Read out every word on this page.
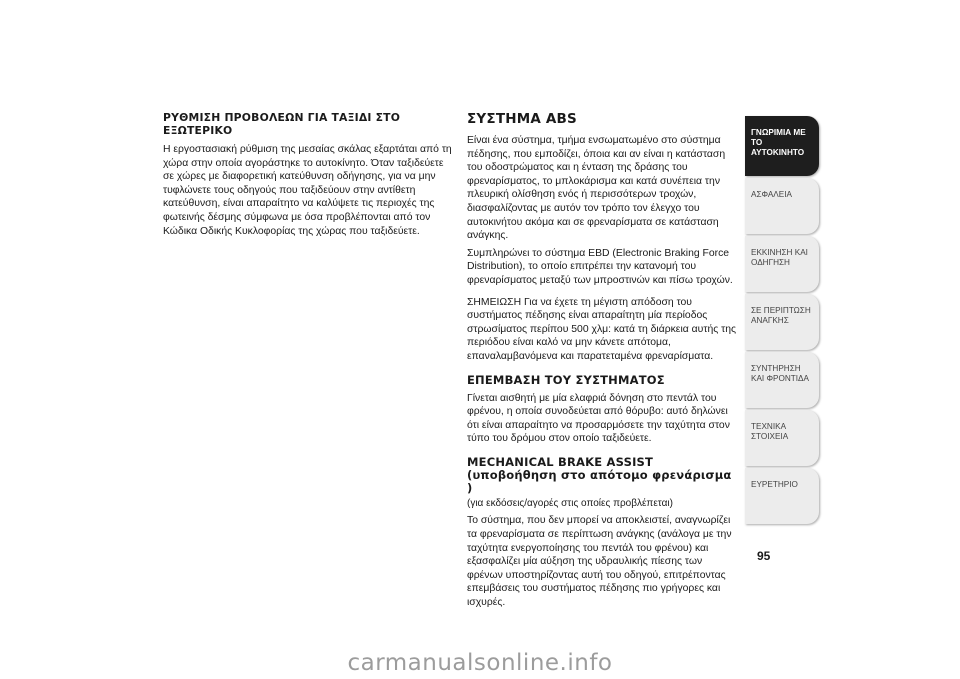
ΡΥΘΜΙΣΗ ΠΡΟΒΟΛΕΩΝ ΓΙΑ ΤΑΞΙΔΙ ΣΤΟ ΕΞΩΤΕΡΙΚΟ

Η εργοστασιακή ρύθμιση της μεσαίας σκάλας εξαρτάται από τη χώρα στην οποία αγοράστηκε το αυτοκίνητο. Όταν ταξιδεύετε σε χώρες με διαφορετική κατεύθυνση οδήγησης, για να μην τυφλώνετε τους οδηγούς που ταξιδεύουν στην αντίθετη κατεύθυνση, είναι απαραίτητο να καλύψετε τις περιοχές της φωτεινής δέσμης σύμφωνα με όσα προβλέπονται από τον Κώδικα Οδικής Κυκλοφορίας της χώρας που ταξιδεύετε.

ΣΥΣΤΗΜΑ ABS

Είναι ένα σύστημα, τμήμα ενσωματωμένο στο σύστημα πέδησης, που εμποδίζει, όποια και αν είναι η κατάσταση του οδοστρώματος και η ένταση της δράσης του φρεναρίσματος, το μπλοκάρισμα και κατά συνέπεια την πλευρική ολίσθηση ενός ή περισσότερων τροχών, διασφαλίζοντας με αυτόν τον τρόπο τον έλεγχο του αυτοκινήτου ακόμα και σε φρεναρίσματα σε κατάσταση ανάγκης.

Συμπληρώνει το σύστημα EBD (Electronic Braking Force Distribution), το οποίο επιτρέπει την κατανομή του φρεναρίσματος μεταξύ των μπροστινών και πίσω τροχών.

ΣΗΜΕΙΩΣΗ Για να έχετε τη μέγιστη απόδοση του συστήματος πέδησης είναι απαραίτητη μία περίοδος στρωσίματος περίπου 500 χλμ: κατά τη διάρκεια αυτής της περιόδου είναι καλό να μην κάνετε απότομα, επαναλαμβανόμενα και παρατεταμένα φρεναρίσματα.

ΕΠΕΜΒΑΣΗ ΤΟΥ ΣΥΣΤΗΜΑΤΟΣ

Γίνεται αισθητή με μία ελαφριά δόνηση στο πεντάλ του φρένου, η οποία συνοδεύεται από θόρυβο: αυτό δηλώνει ότι είναι απαραίτητο να προσαρμόσετε την ταχύτητα στον τύπο του δρόμου στον οποίο ταξιδεύετε.

MECHANICAL BRAKE ASSIST
(υποβοήθηση στο απότομο φρενάρισμα )
(για εκδόσεις/αγορές στις οποίες προβλέπεται)

Το σύστημα, που δεν μπορεί να αποκλειστεί, αναγνωρίζει τα φρεναρίσματα σε περίπτωση ανάγκης (ανάλογα με την ταχύτητα ενεργοποίησης του πεντάλ του φρένου) και εξασφαλίζει μία αύξηση της υδραυλικής πίεσης των φρένων υποστηρίζοντας αυτή του οδηγού, επιτρέποντας επεμβάσεις του συστήματος πέδησης πιο γρήγορες και ισχυρές.

ΓΝΩΡΙΜΙΑ ΜΕ ΤΟ ΑΥΤΟΚΙΝΗΤΟ
ΑΣΦΑΛΕΙΑ
ΕΚΚΙΝΗΣΗ ΚΑΙ ΟΔΗΓΗΣΗ
ΣΕ ΠΕΡΙΠΤΩΣΗ ΑΝΑΓΚΗΣ
ΣΥΝΤΗΡΗΣΗ ΚΑΙ ΦΡΟΝΤΙΔΑ
ΤΕΧΝΙΚΑ ΣΤΟΙΧΕΙΑ
ΕΥΡΕΤΗΡΙΟ
95
carmanualsonline.info
